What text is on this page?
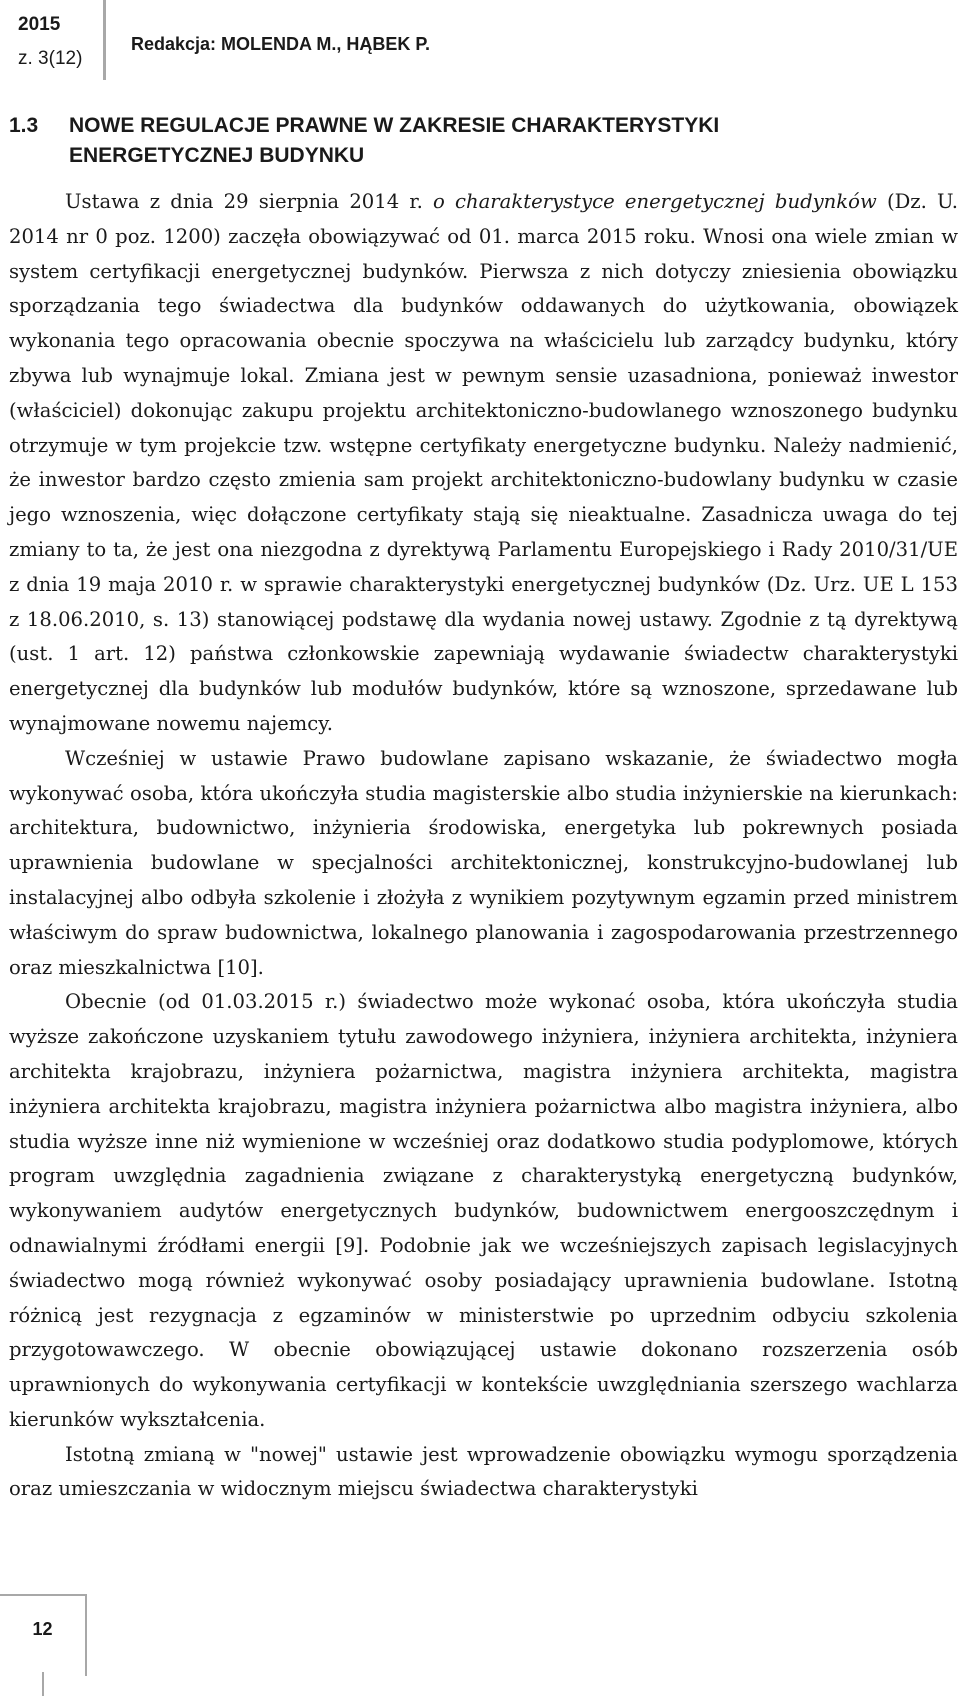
2015
z. 3(12)
Redakcja: MOLENDA M., HĄBEK P.
1.3 NOWE REGULACJE PRAWNE W ZAKRESIE CHARAKTERYSTYKI
ENERGETYCZNEJ BUDYNKU

Ustawa z dnia 29 sierpnia 2014 r. o charakterystyce energetycznej budynków (Dz. U. 2014 nr 0 poz. 1200) zaczęła obowiązywać od 01. marca 2015 roku. Wnosi ona wiele zmian w system certyfikacji energetycznej budynków. Pierwsza z nich dotyczy zniesienia obowiązku sporządzania tego świadectwa dla budynków oddawanych do użytkowania, obowiązek wykonania tego opracowania obecnie spoczywa na właścicielu lub zarządcy budynku, który zbywa lub wynajmuje lokal. Zmiana jest w pewnym sensie uzasadniona, ponieważ inwestor (właściciel) dokonując zakupu projektu architektoniczno-budowlanego wznoszonego budynku otrzymuje w tym projekcie tzw. wstępne certyfikaty energetyczne budynku. Należy nadmienić, że inwestor bardzo często zmienia sam projekt architektoniczno-budowlany budynku w czasie jego wznoszenia, więc dołączone certyfikaty stają się nieaktualne. Zasadnicza uwaga do tej zmiany to ta, że jest ona niezgodna z dyrektywą Parlamentu Europejskiego i Rady 2010/31/UE z dnia 19 maja 2010 r. w sprawie charakterystyki energetycznej budynków (Dz. Urz. UE L 153 z 18.06.2010, s. 13) stanowiącej podstawę dla wydania nowej ustawy. Zgodnie z tą dyrektywą (ust. 1 art. 12) państwa członkowskie zapewniają wydawanie świadectw charakterystyki energetycznej dla budynków lub modułów budynków, które są wznoszone, sprzedawane lub wynajmowane nowemu najemcy.

Wcześniej w ustawie Prawo budowlane zapisano wskazanie, że świadectwo mogła wykonywać osoba, która ukończyła studia magisterskie albo studia inżynierskie na kierunkach: architektura, budownictwo, inżynieria środowiska, energetyka lub pokrewnych posiada uprawnienia budowlane w specjalności architektonicznej, konstrukcyjno-budowlanej lub instalacyjnej albo odbyła szkolenie i złożyła z wynikiem pozytywnym egzamin przed ministrem właściwym do spraw budownictwa, lokalnego planowania i zagospodarowania przestrzennego oraz mieszkalnictwa [10].

Obecnie (od 01.03.2015 r.) świadectwo może wykonać osoba, która ukończyła studia wyższe zakończone uzyskaniem tytułu zawodowego inżyniera, inżyniera architekta, inżyniera architekta krajobrazu, inżyniera pożarnictwa, magistra inżyniera architekta, magistra inżyniera architekta krajobrazu, magistra inżyniera pożarnictwa albo magistra inżyniera, albo studia wyższe inne niż wymienione w wcześniej oraz dodatkowo studia podyplomowe, których program uwzględnia zagadnienia związane z charakterystyką energetyczną budynków, wykonywaniem audytów energetycznych budynków, budownictwem energooszczędnym i odnawialnymi źródłami energii [9]. Podobnie jak we wcześniejszych zapisach legislacyjnych świadectwo mogą również wykonywać osoby posiadający uprawnienia budowlane. Istotną różnicą jest rezygnacja z egzaminów w ministerstwie po uprzednim odbyciu szkolenia przygotowawczego. W obecnie obowiązującej ustawie dokonano rozszerzenia osób uprawnionych do wykonywania certyfikacji w kontekście uwzględniania szerszego wachlarza kierunków wykształcenia.

Istotną zmianą w "nowej" ustawie jest wprowadzenie obowiązku wymogu sporządzenia oraz umieszczania w widocznym miejscu świadectwa charakterystyki

12
